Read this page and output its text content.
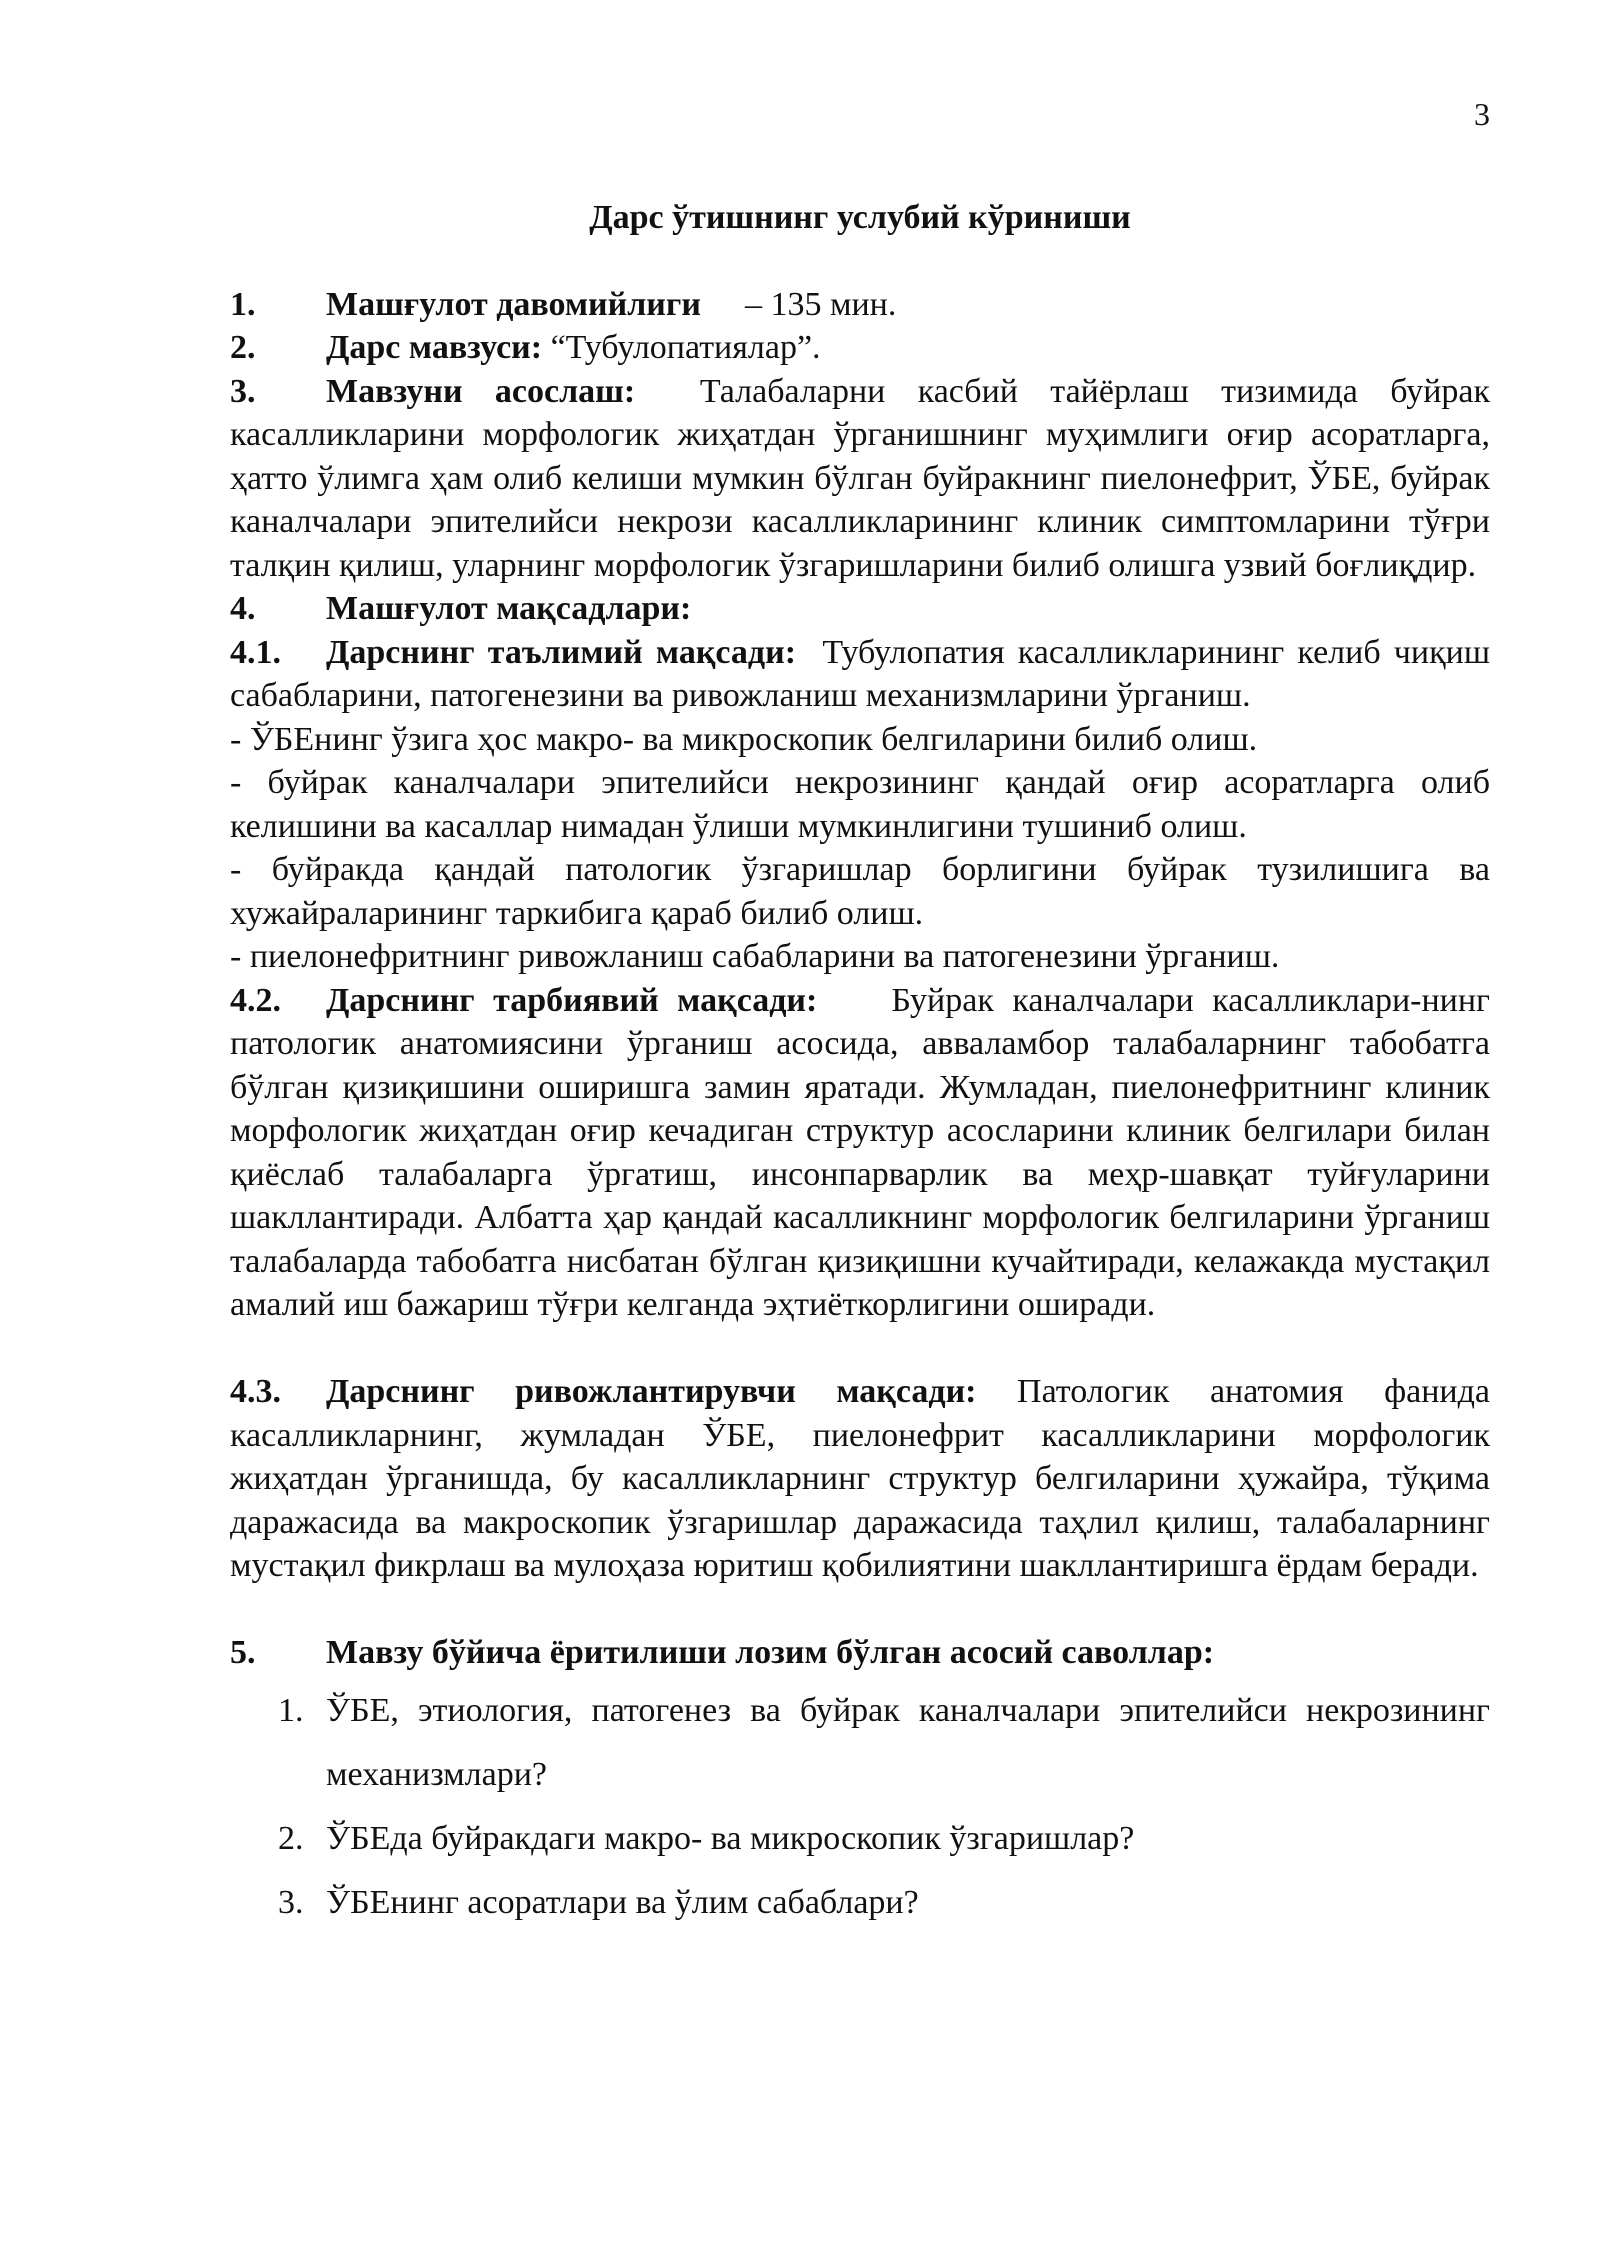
3
Дарс ўтишнинг услубий кўриниши

1. Машғулот давомийлиги – 135 мин.

2. Дарс мавзуси: “Тубулопатиялар”.

3. Мавзуни асослаш: Талабаларни касбий тайёрлаш тизимида буйрак касалликларини морфологик жиҳатдан ўрганишнинг муҳимлиги оғир асоратларга, ҳатто ўлимга ҳам олиб келиши мумкин бўлган буйракнинг пиелонефрит, ЎБЕ, буйрак каналчалари эпителийси некрози касалликларининг клиник симптомларини тўғри талқин қилиш, уларнинг морфологик ўзгаришларини билиб олишга узвий боғлиқдир.

4. Машғулот мақсадлари:

4.1. Дарснинг таълимий мақсади: Тубулопатия касалликларининг келиб чиқиш сабабларини, патогенезини ва ривожланиш механизмларини ўрганиш.

- ЎБЕнинг ўзига ҳос макро- ва микроскопик белгиларини билиб олиш.

- буйрак каналчалари эпителийси некрозининг қандай оғир асоратларга олиб келишини ва касаллар нимадан ўлиши мумкинлигини тушиниб олиш.

- буйракда қандай патологик ўзгаришлар борлигини буйрак тузилишига ва хужайраларининг таркибига қараб билиб олиш.

- пиелонефритнинг ривожланиш сабабларини ва патогенезини ўрганиш.

4.2. Дарснинг тарбиявий мақсади: Буйрак каналчалари касалликлари-нинг патологик анатомиясини ўрганиш асосида, авваламбор талабаларнинг табобатга бўлган қизиқишини оширишга замин яратади. Жумладан, пиелонефритнинг клиник морфологик жиҳатдан оғир кечадиган структур асосларини клиник белгилари билан қиёслаб талабаларга ўргатиш, инсонпарварлик ва меҳр-шавқат туйғуларини шакллантиради. Албатта ҳар қандай касалликнинг морфологик белгиларини ўрганиш талабаларда табобатга нисбатан бўлган қизиқишни кучайтиради, келажакда мустақил амалий иш бажариш тўғри келганда эҳтиёткорлигини оширади.

4.3. Дарснинг ривожлантирувчи мақсади: Патологик анатомия фанида касалликларнинг, жумладан ЎБЕ, пиелонефрит касалликларини морфологик жиҳатдан ўрганишда, бу касалликларнинг структур белгиларини ҳужайра, тўқима даражасида ва макроскопик ўзгаришлар даражасида таҳлил қилиш, талабаларнинг мустақил фикрлаш ва мулоҳаза юритиш қобилиятини шакллантиришга ёрдам беради.

5. Мавзу бўйича ёритилиши лозим бўлган асосий саволлар:

1. ЎБЕ, этиология, патогенез ва буйрак каналчалари эпителийси некрозининг механизмлари?
2. ЎБЕда буйракдаги макро- ва микроскопик ўзгаришлар?
3. ЎБЕнинг асоратлари ва ўлим сабаблари?
